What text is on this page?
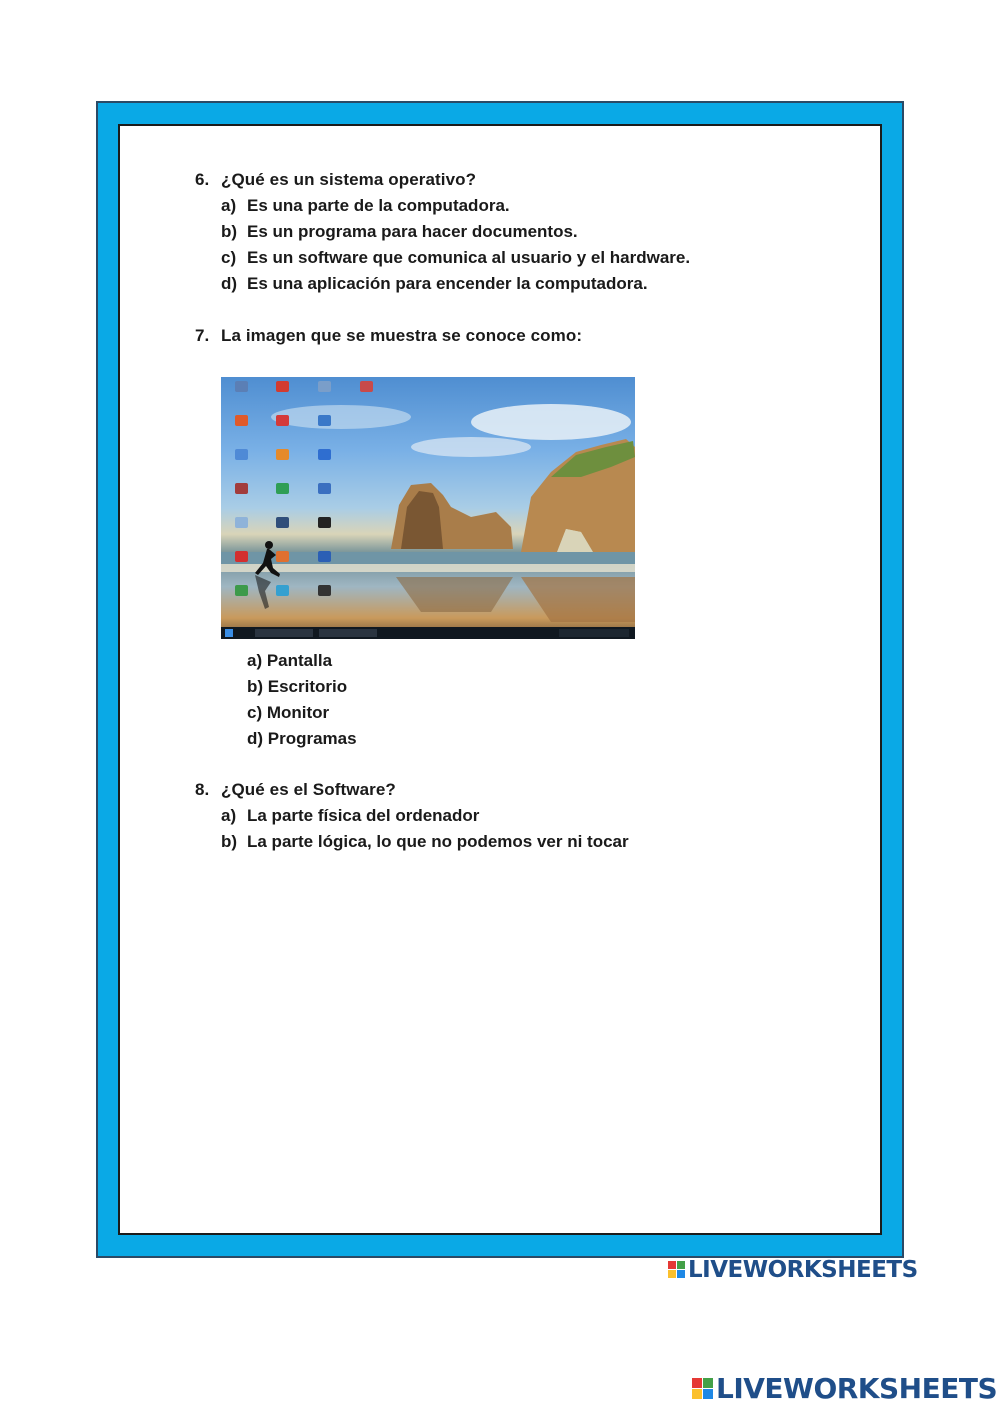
6. ¿Qué es un sistema operativo?
a) Es una parte de la computadora.
b) Es un programa para hacer documentos.
c) Es un software que comunica al usuario y el hardware.
d) Es una aplicación para encender la computadora.
7. La imagen que se muestra se conoce como:
a) Pantalla
b) Escritorio
c) Monitor
d) Programas
8. ¿Qué es el Software?
a) La parte física del ordenador
b) La parte lógica, lo que no podemos ver ni tocar
LIVEWORKSHEETS
LIVEWORKSHEETS
